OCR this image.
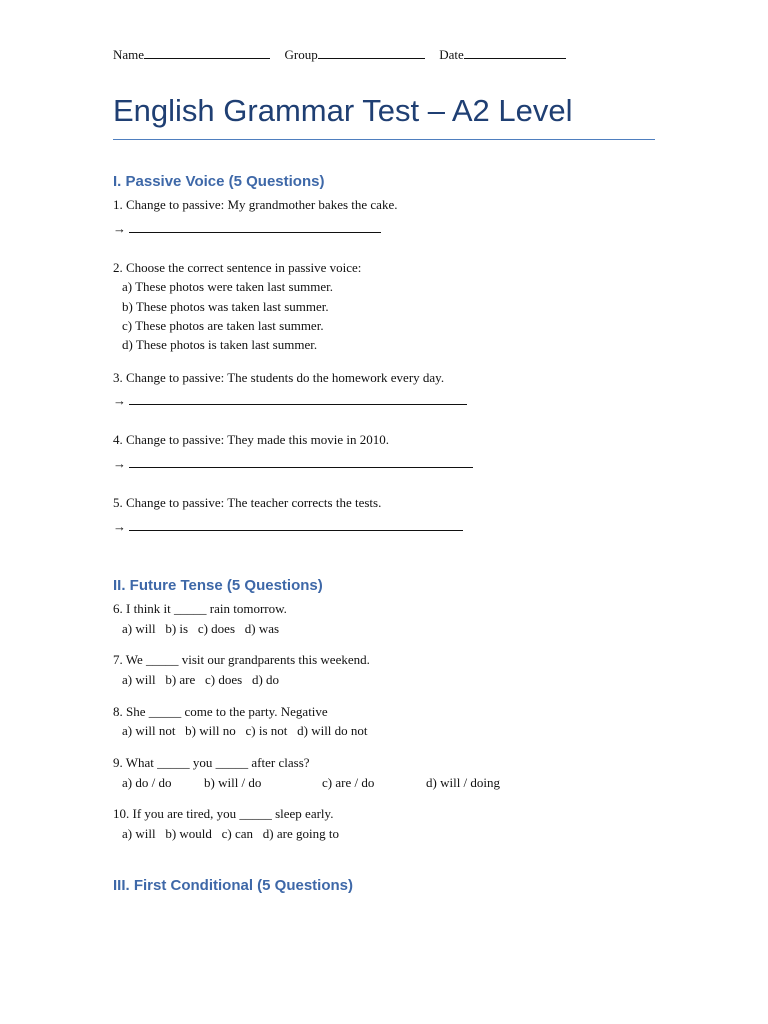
Name	Group	Date
English Grammar Test – A2 Level
I. Passive Voice (5 Questions)
1. Change to passive: My grandmother bakes the cake.
→
2. Choose the correct sentence in passive voice:
a) These photos were taken last summer.
b) These photos was taken last summer.
c) These photos are taken last summer.
d) These photos is taken last summer.
3. Change to passive: The students do the homework every day.
→
4. Change to passive: They made this movie in 2010.
→
5. Change to passive: The teacher corrects the tests.
→
II. Future Tense (5 Questions)
6. I think it _____ rain tomorrow.
a) will   b) is   c) does   d) was
7. We _____ visit our grandparents this weekend.
a) will   b) are   c) does   d) do
8. She _____ come to the party. Negative
a) will not   b) will no   c) is not   d) will do not
9. What _____ you _____ after class?
a) do / do	b) will / do	c) are / do	d) will / doing
10. If you are tired, you _____ sleep early.
a) will   b) would   c) can   d) are going to
III. First Conditional (5 Questions)
